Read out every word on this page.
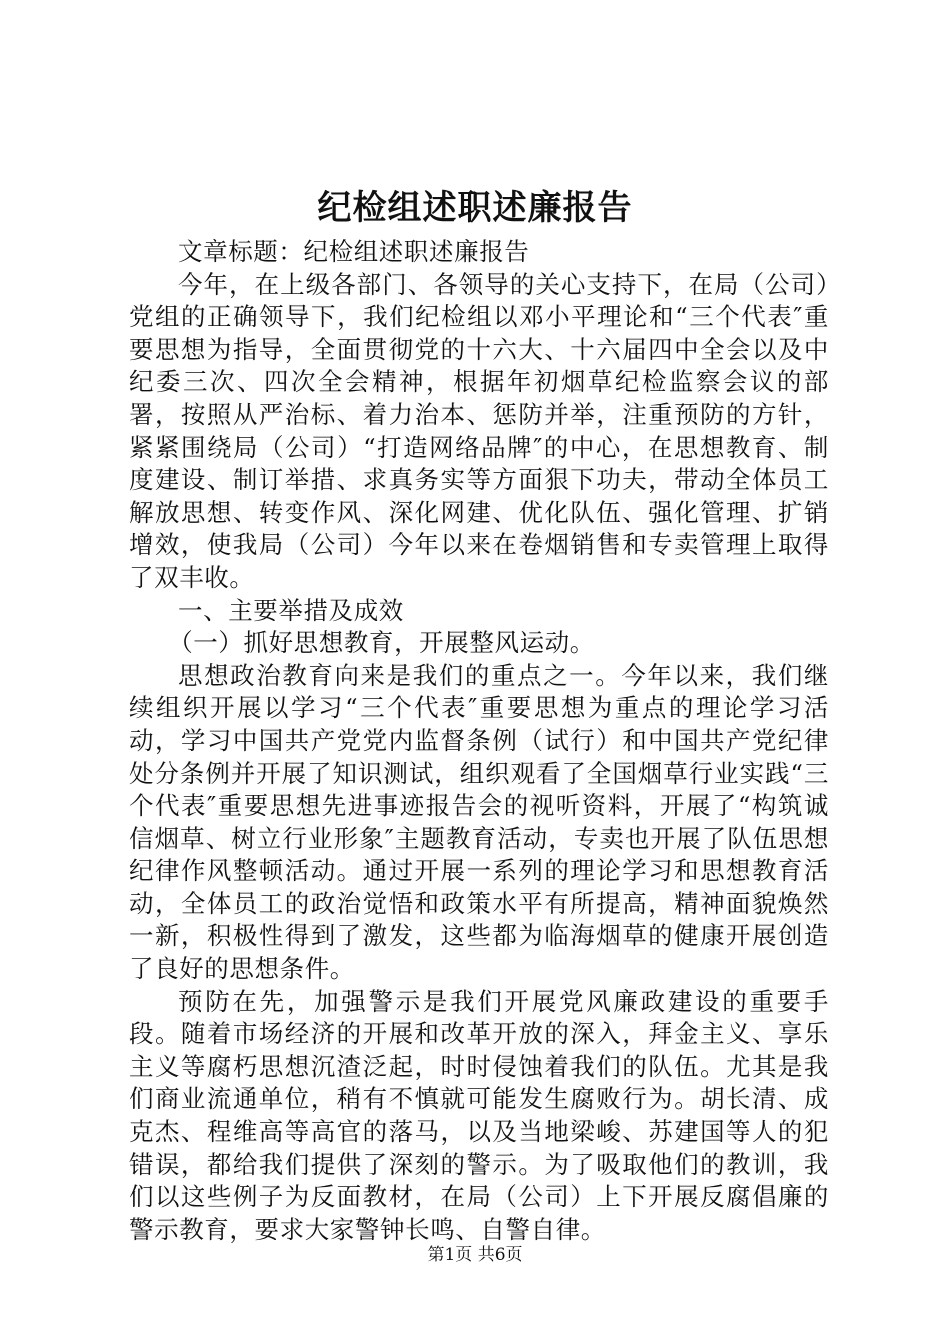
纪检组述职述廉报告

文章标题：纪检组述职述廉报告

今年，在上级各部门、各领导的关心支持下，在局（公司）党组的正确领导下，我们纪检组以邓小平理论和“三个代表″重要思想为指导，全面贯彻党的十六大、十六届四中全会以及中纪委三次、四次全会精神，根据年初烟草纪检监察会议的部署，按照从严治标、着力治本、惩防并举，注重预防的方针，紧紧围绕局（公司）“打造网络品牌″的中心，在思想教育、制度建设、制订举措、求真务实等方面狠下功夫，带动全体员工解放思想、转变作风、深化网建、优化队伍、强化管理、扩销增效，使我局（公司）今年以来在卷烟销售和专卖管理上取得了双丰收。

一、主要举措及成效

（一）抓好思想教育，开展整风运动。

思想政治教育向来是我们的重点之一。今年以来，我们继续组织开展以学习“三个代表″重要思想为重点的理论学习活动，学习中国共产党党内监督条例（试行）和中国共产党纪律处分条例并开展了知识测试，组织观看了全国烟草行业实践“三个代表″重要思想先进事迹报告会的视听资料，开展了“构筑诚信烟草、树立行业形象″主题教育活动，专卖也开展了队伍思想纪律作风整顿活动。通过开展一系列的理论学习和思想教育活动，全体员工的政治觉悟和政策水平有所提高，精神面貌焕然一新，积极性得到了激发，这些都为临海烟草的健康开展创造了良好的思想条件。

预防在先，加强警示是我们开展党风廉政建设的重要手段。随着市场经济的开展和改革开放的深入，拜金主义、享乐主义等腐朽思想沉渣泛起，时时侵蚀着我们的队伍。尤其是我们商业流通单位，稍有不慎就可能发生腐败行为。胡长清、成克杰、程维高等高官的落马，以及当地梁峻、苏建国等人的犯错误，都给我们提供了深刻的警示。为了吸取他们的教训，我们以这些例子为反面教材，在局（公司）上下开展反腐倡廉的警示教育，要求大家警钟长鸣、自警自律。

第1页 共6页
